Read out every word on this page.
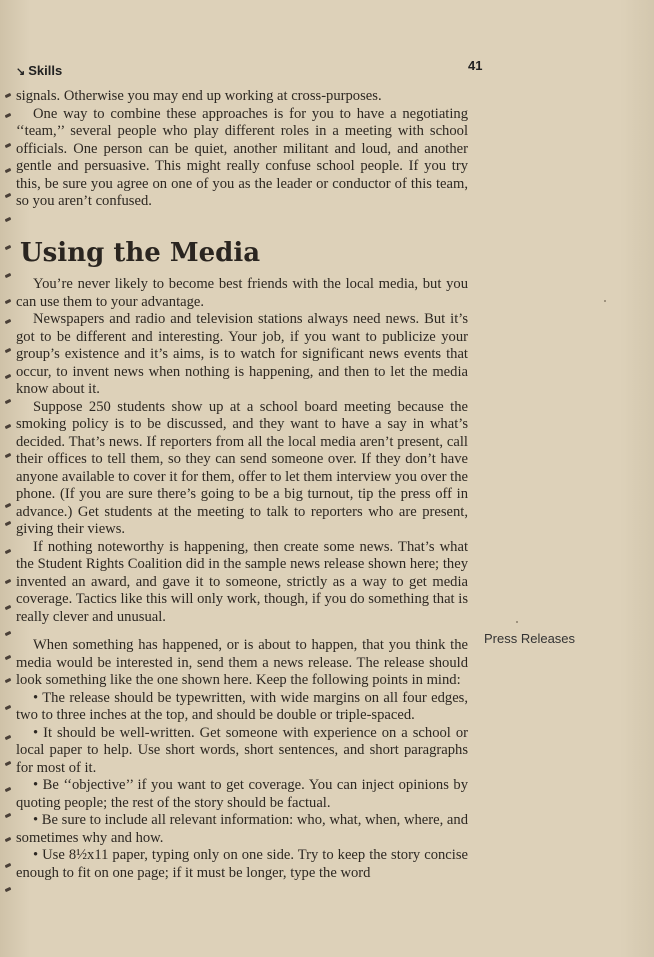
↘ Skills	41

signals. Otherwise you may end up working at cross-purposes.

One way to combine these approaches is for you to have a negotiating ‘‘team,’’ several people who play different roles in a meeting with school officials. One person can be quiet, another militant and loud, and another gentle and persuasive. This might really confuse school people. If you try this, be sure you agree on one of you as the leader or conductor of this team, so you aren’t confused.

Using the Media

You’re never likely to become best friends with the local media, but you can use them to your advantage.

Newspapers and radio and television stations always need news. But it’s got to be different and interesting. Your job, if you want to publicize your group’s existence and it’s aims, is to watch for significant news events that occur, to invent news when nothing is happening, and then to let the media know about it.

Suppose 250 students show up at a school board meeting because the smoking policy is to be discussed, and they want to have a say in what’s decided. That’s news. If reporters from all the local media aren’t present, call their offices to tell them, so they can send someone over. If they don’t have anyone available to cover it for them, offer to let them interview you over the phone. (If you are sure there’s going to be a big turnout, tip the press off in advance.) Get students at the meeting to talk to reporters who are present, giving their views.

If nothing noteworthy is happening, then create some news. That’s what the Student Rights Coalition did in the sample news release shown here; they invented an award, and gave it to someone, strictly as a way to get media coverage. Tactics like this will only work, though, if you do something that is really clever and unusual.

Press Releases

When something has happened, or is about to happen, that you think the media would be interested in, send them a news release. The release should look something like the one shown here. Keep the following points in mind:

• The release should be typewritten, with wide margins on all four edges, two to three inches at the top, and should be double or triple-spaced.

• It should be well-written. Get someone with experience on a school or local paper to help. Use short words, short sentences, and short paragraphs for most of it.

• Be ‘‘objective’’ if you want to get coverage. You can inject opinions by quoting people; the rest of the story should be factual.

• Be sure to include all relevant information: who, what, when, where, and sometimes why and how.

• Use 8½x11 paper, typing only on one side. Try to keep the story concise enough to fit on one page; if it must be longer, type the word
